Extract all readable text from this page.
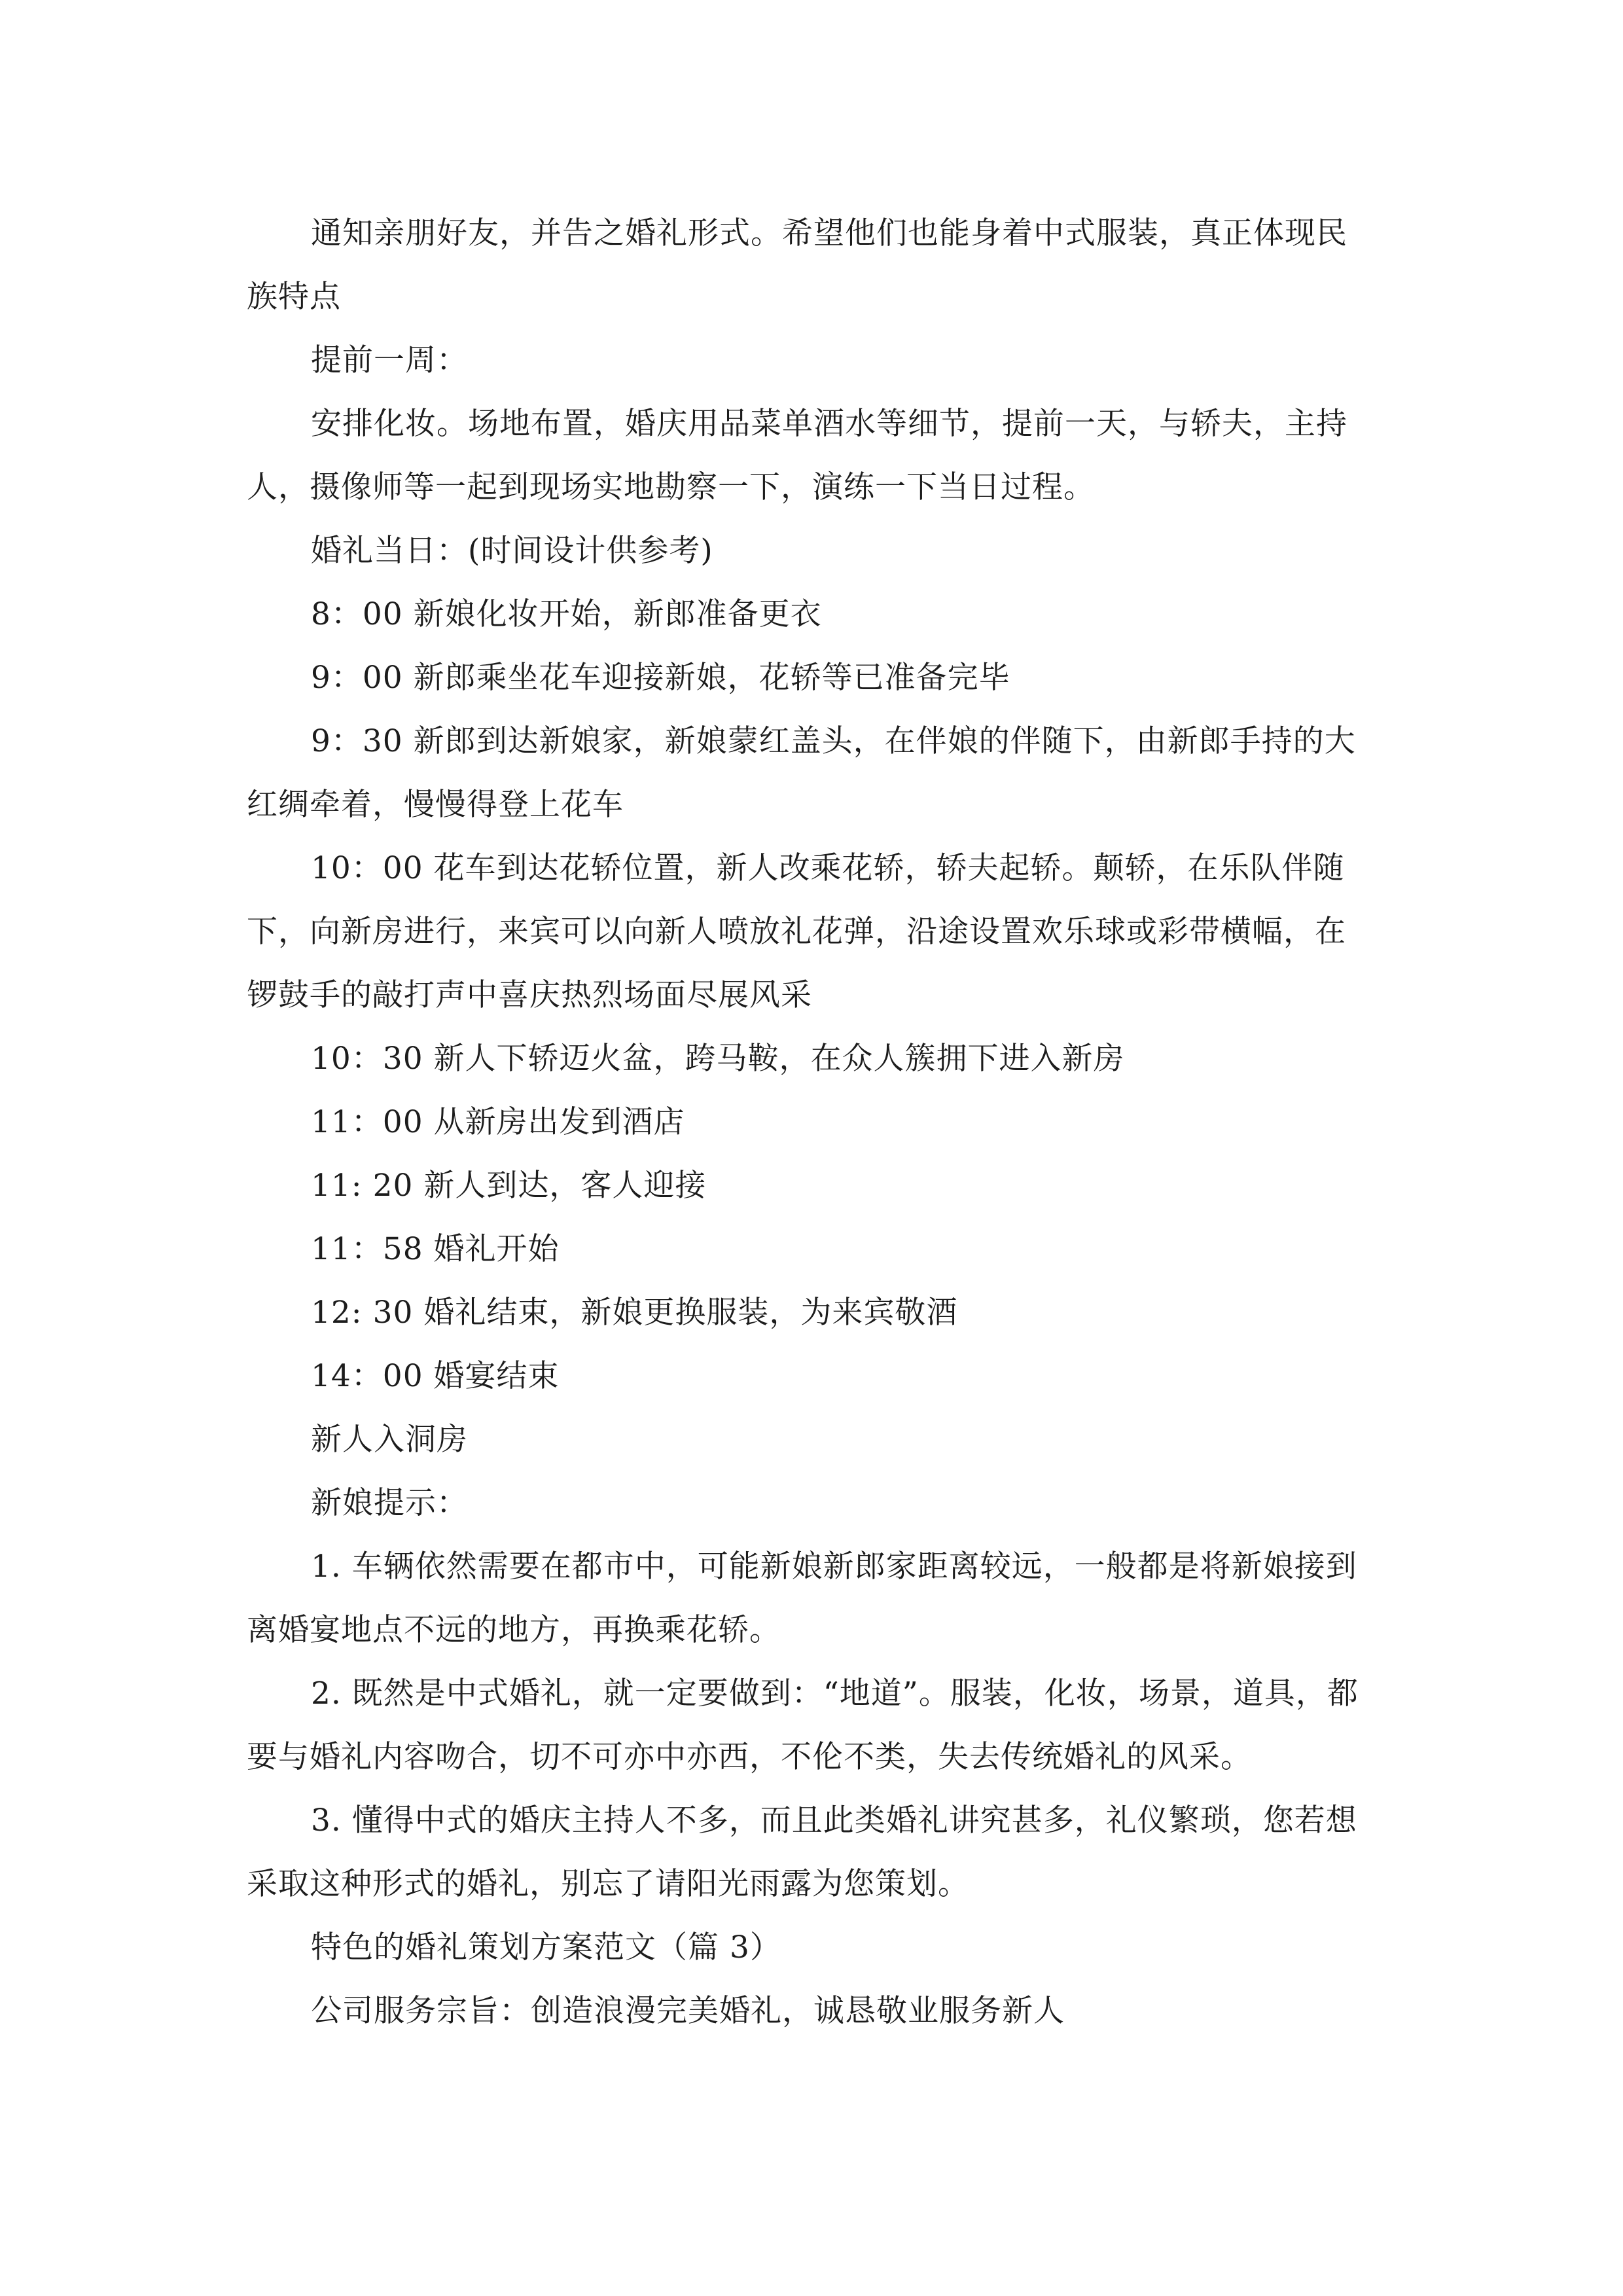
通知亲朋好友，并告之婚礼形式。希望他们也能身着中式服装，真正体现民族特点

提前一周：

安排化妆。场地布置，婚庆用品菜单酒水等细节，提前一天，与轿夫，主持人，摄像师等一起到现场实地勘察一下，演练一下当日过程。

婚礼当日：(时间设计供参考)

8：00 新娘化妆开始，新郎准备更衣

9：00 新郎乘坐花车迎接新娘，花轿等已准备完毕

9：30 新郎到达新娘家，新娘蒙红盖头，在伴娘的伴随下，由新郎手持的大红绸牵着，慢慢得登上花车

10：00 花车到达花轿位置，新人改乘花轿，轿夫起轿。颠轿，在乐队伴随下，向新房进行，来宾可以向新人喷放礼花弹，沿途设置欢乐球或彩带横幅，在锣鼓手的敲打声中喜庆热烈场面尽展风采

10：30 新人下轿迈火盆，跨马鞍，在众人簇拥下进入新房

11：00 从新房出发到酒店

11: 20 新人到达，客人迎接

11：58 婚礼开始

12: 30 婚礼结束，新娘更换服装，为来宾敬酒

14：00 婚宴结束

新人入洞房

新娘提示：

1. 车辆依然需要在都市中，可能新娘新郎家距离较远，一般都是将新娘接到离婚宴地点不远的地方，再换乘花轿。

2. 既然是中式婚礼，就一定要做到：“地道”。服装，化妆，场景，道具，都要与婚礼内容吻合，切不可亦中亦西，不伦不类，失去传统婚礼的风采。

3. 懂得中式的婚庆主持人不多，而且此类婚礼讲究甚多，礼仪繁琐，您若想采取这种形式的婚礼，别忘了请阳光雨露为您策划。

特色的婚礼策划方案范文（篇 3）

公司服务宗旨：创造浪漫完美婚礼，诚恳敬业服务新人
